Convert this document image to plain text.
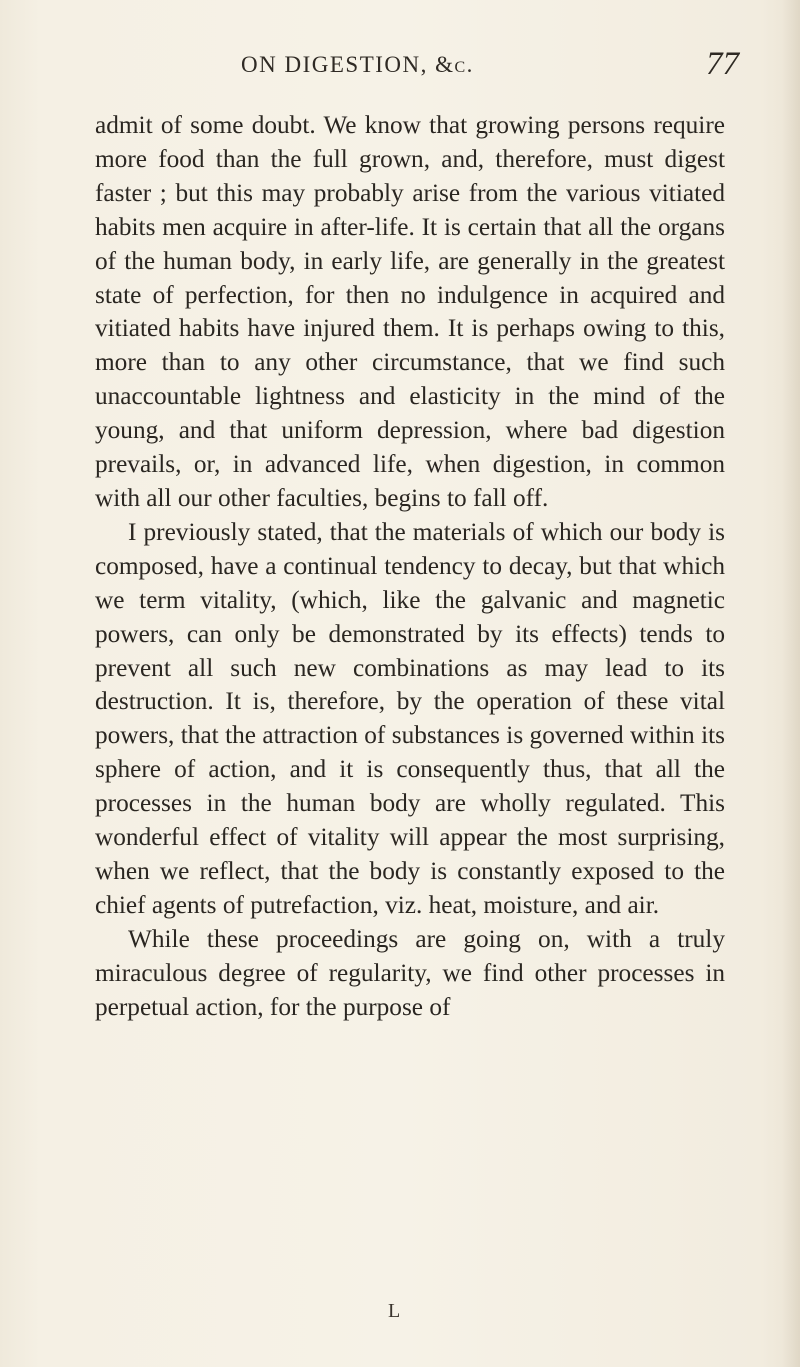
ON DIGESTION, &c.	77

admit of some doubt. We know that growing persons require more food than the full grown, and, therefore, must digest faster ; but this may probably arise from the various vitiated habits men acquire in after-life. It is certain that all the organs of the human body, in early life, are generally in the greatest state of perfection, for then no indulgence in acquired and vitiated habits have injured them. It is perhaps owing to this, more than to any other circumstance, that we find such unaccountable lightness and elasticity in the mind of the young, and that uniform depression, where bad digestion prevails, or, in advanced life, when digestion, in common with all our other faculties, begins to fall off.

I previously stated, that the materials of which our body is composed, have a continual tendency to decay, but that which we term vitality, (which, like the galvanic and magnetic powers, can only be demonstrated by its effects) tends to prevent all such new combinations as may lead to its destruction. It is, therefore, by the operation of these vital powers, that the attraction of substances is governed within its sphere of action, and it is consequently thus, that all the processes in the human body are wholly regulated. This wonderful effect of vitality will appear the most surprising, when we reflect, that the body is constantly exposed to the chief agents of putrefaction, viz. heat, moisture, and air.

While these proceedings are going on, with a truly miraculous degree of regularity, we find other processes in perpetual action, for the purpose of

L
